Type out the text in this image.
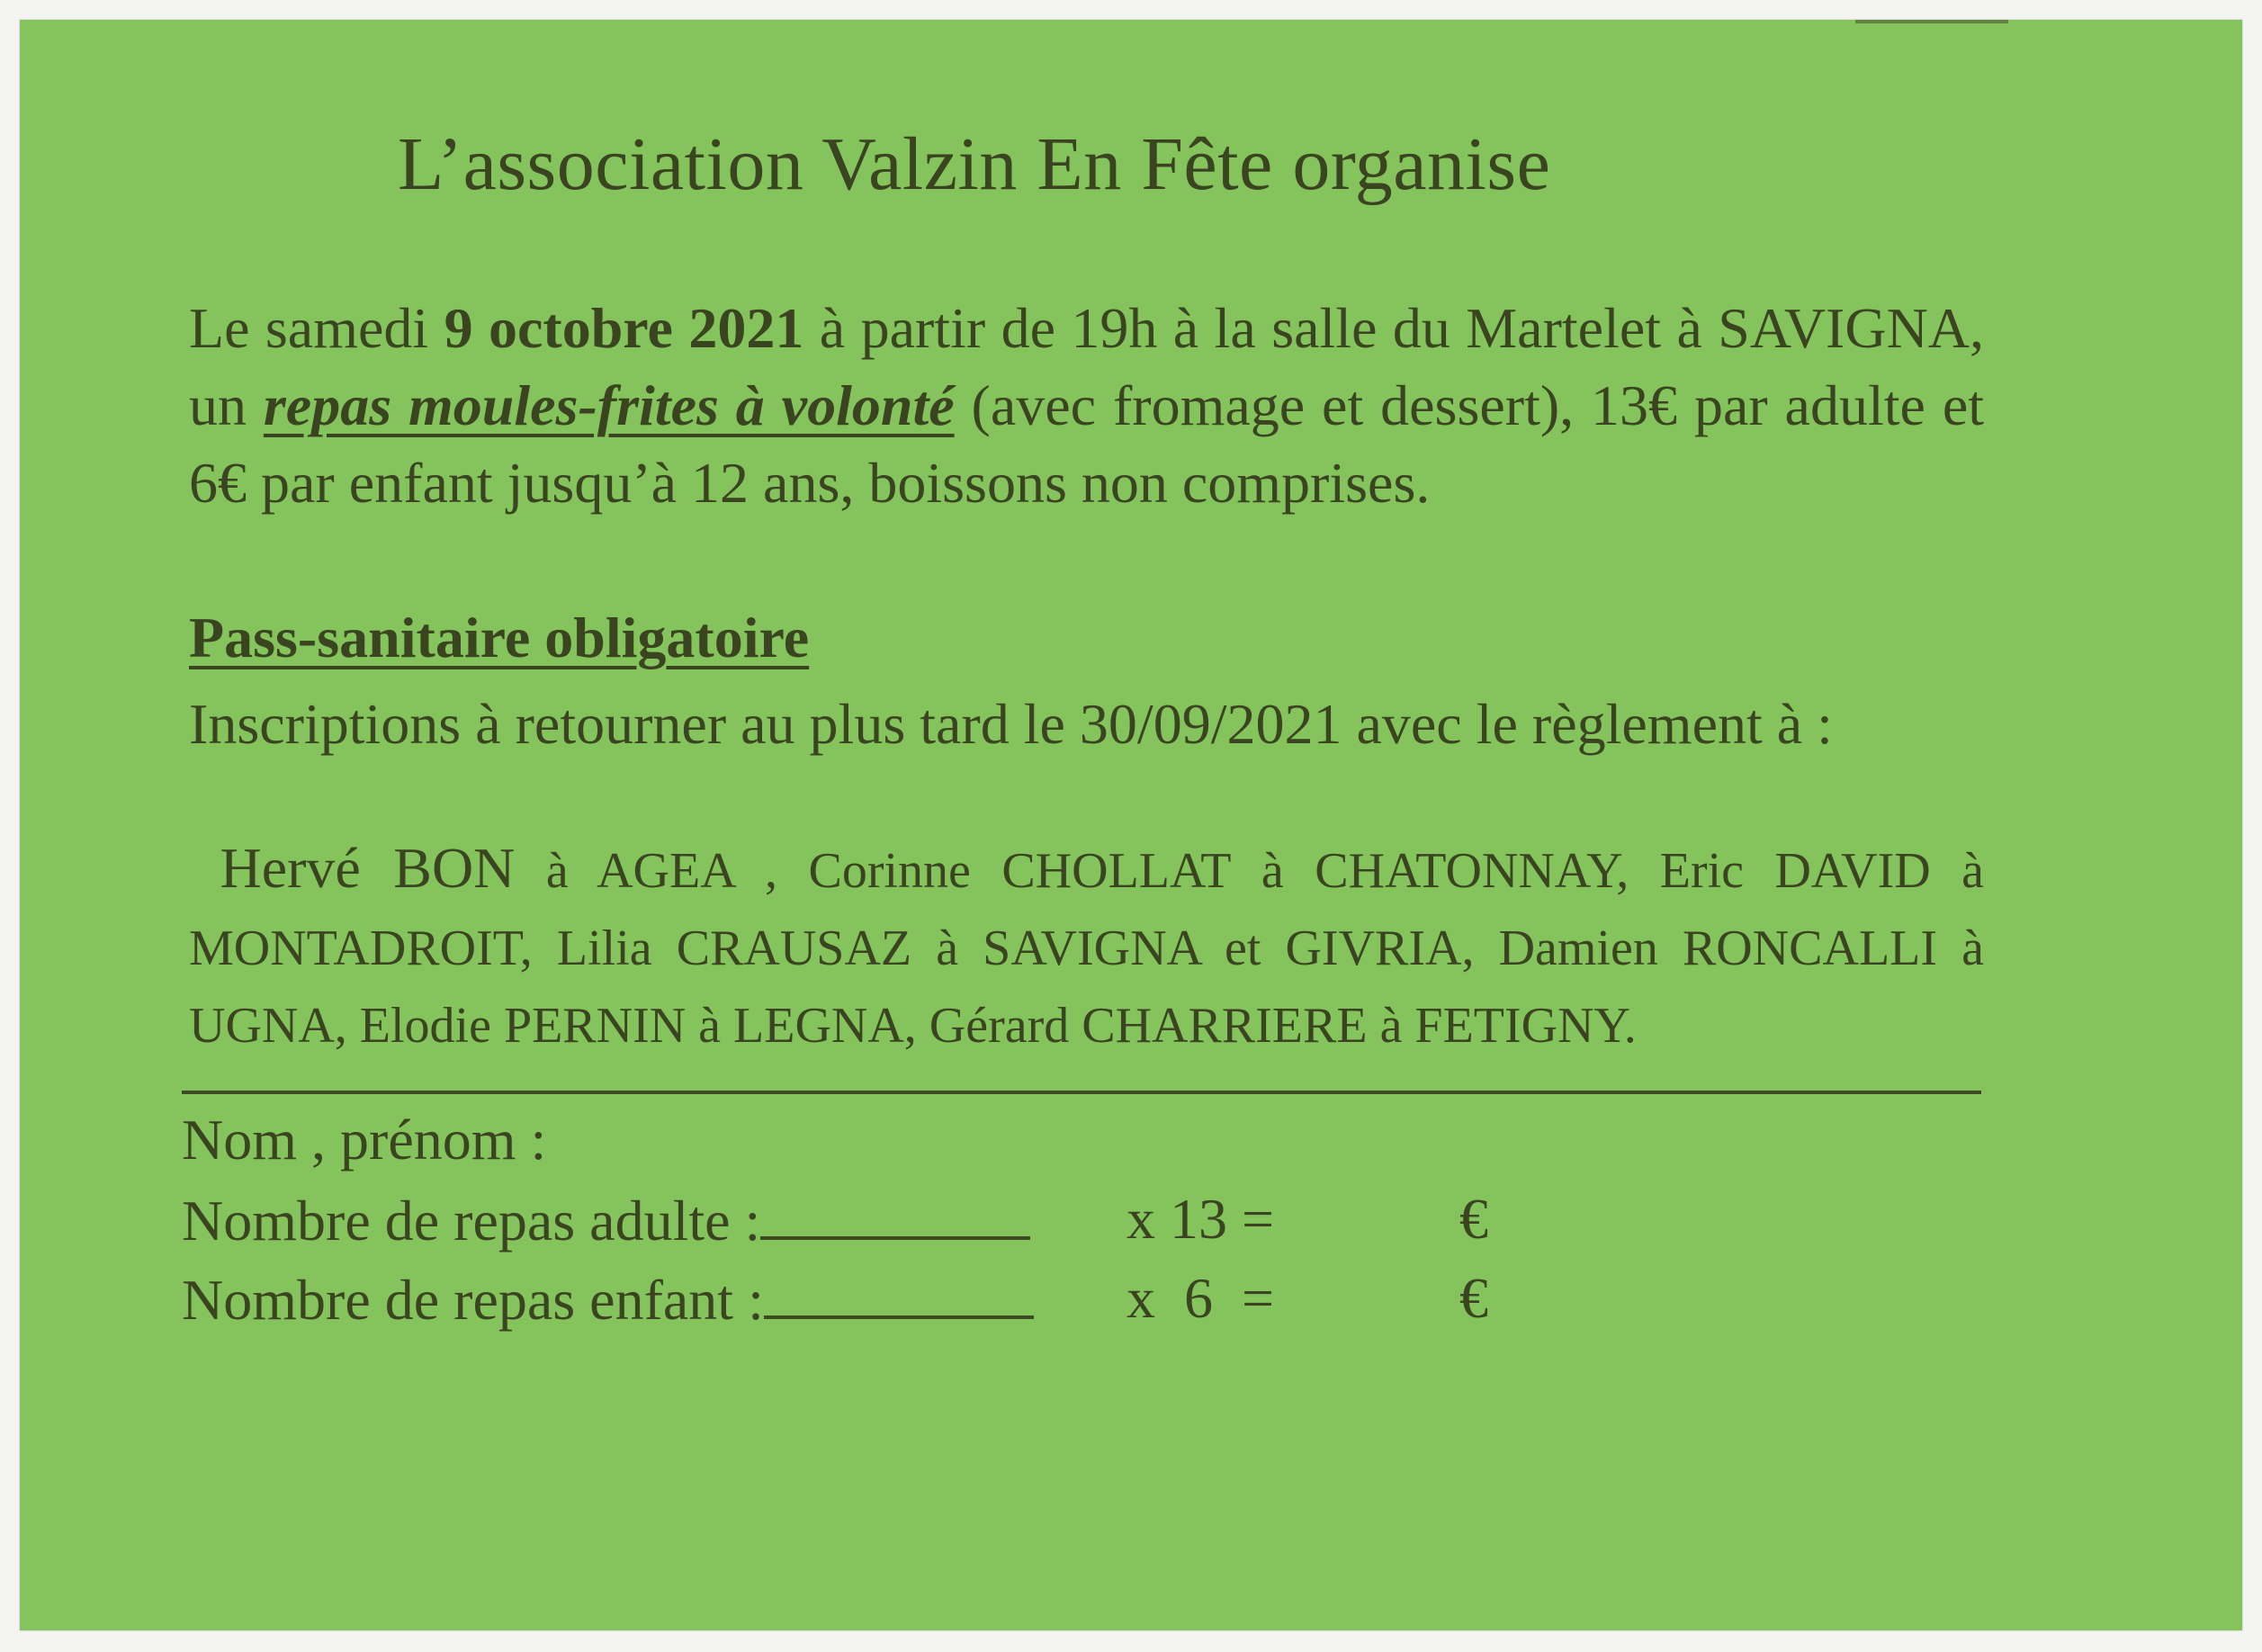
L’association Valzin En Fête organise
Le samedi 9 octobre 2021 à partir de 19h à la salle du Martelet à SAVIGNA, un repas moules-frites à volonté (avec fromage et dessert), 13€ par adulte et 6€ par enfant jusqu’à 12 ans, boissons non comprises.
Pass-sanitaire obligatoire
Inscriptions à retourner au plus tard le 30/09/2021 avec le règlement à :
Hervé BON à AGEA , Corinne CHOLLAT à CHATONNAY, Eric DAVID à MONTADROIT, Lilia CRAUSAZ à SAVIGNA et GIVRIA, Damien RONCALLI à UGNA, Elodie PERNIN à LEGNA, Gérard CHARRIERE à FETIGNY.
Nom , prénom :
Nombre de repas adulte :	x 13 =	€
Nombre de repas enfant :	x  6  =	€
